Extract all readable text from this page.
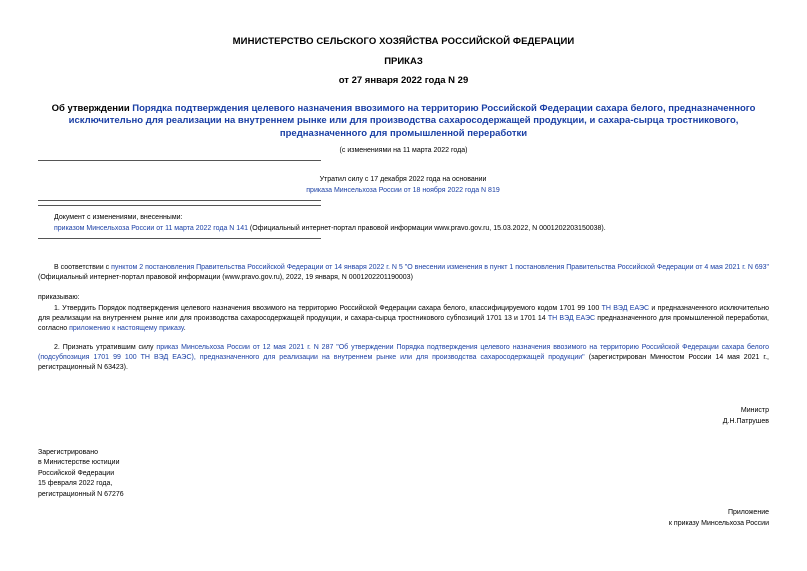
МИНИСТЕРСТВО СЕЛЬСКОГО ХОЗЯЙСТВА РОССИЙСКОЙ ФЕДЕРАЦИИ
ПРИКАЗ
от 27 января 2022 года N 29
Об утверждении Порядка подтверждения целевого назначения ввозимого на территорию Российской Федерации сахара белого, предназначенного исключительно для реализации на внутреннем рынке или для производства сахаросодержащей продукции, и сахара-сырца тростникового, предназначенного для промышленной переработки
(с изменениями на 11 марта 2022 года)
Утратил силу с 17 декабря 2022 года на основании
приказа Минсельхоза России от 18 ноября 2022 года N 819
Документ с изменениями, внесенными:
приказом Минсельхоза России от 11 марта 2022 года N 141 (Официальный интернет-портал правовой информации www.pravo.gov.ru, 15.03.2022, N 0001202203150038).
В соответствии с пунктом 2 постановления Правительства Российской Федерации от 14 января 2022 г. N 5 "О внесении изменения в пункт 1 постановления Правительства Российской Федерации от 4 мая 2021 г. N 693" (Официальный интернет-портал правовой информации (www.pravo.gov.ru), 2022, 19 января, N 0001202201190003)
приказываю:
1. Утвердить Порядок подтверждения целевого назначения ввозимого на территорию Российской Федерации сахара белого, классифицируемого кодом 1701 99 100 ТН ВЭД ЕАЭС и предназначенного исключительно для реализации на внутреннем рынке или для производства сахаросодержащей продукции, и сахара-сырца тростникового субпозиций 1701 13 и 1701 14 ТН ВЭД ЕАЭС предназначенного для промышленной переработки, согласно приложению к настоящему приказу.
2. Признать утратившим силу приказ Минсельхоза России от 12 мая 2021 г. N 287 "Об утверждении Порядка подтверждения целевого назначения ввозимого на территорию Российской Федерации сахара белого (подсубпозиция 1701 99 100 ТН ВЭД ЕАЭС), предназначенного для реализации на внутреннем рынке или для производства сахаросодержащей продукции" (зарегистрирован Минюстом России 14 мая 2021 г., регистрационный N 63423).
Министр
Д.Н.Патрушев
Зарегистрировано
в Министерстве юстиции
Российской Федерации
15 февраля 2022 года,
регистрационный N 67276
Приложение
к приказу Минсельхоза России
